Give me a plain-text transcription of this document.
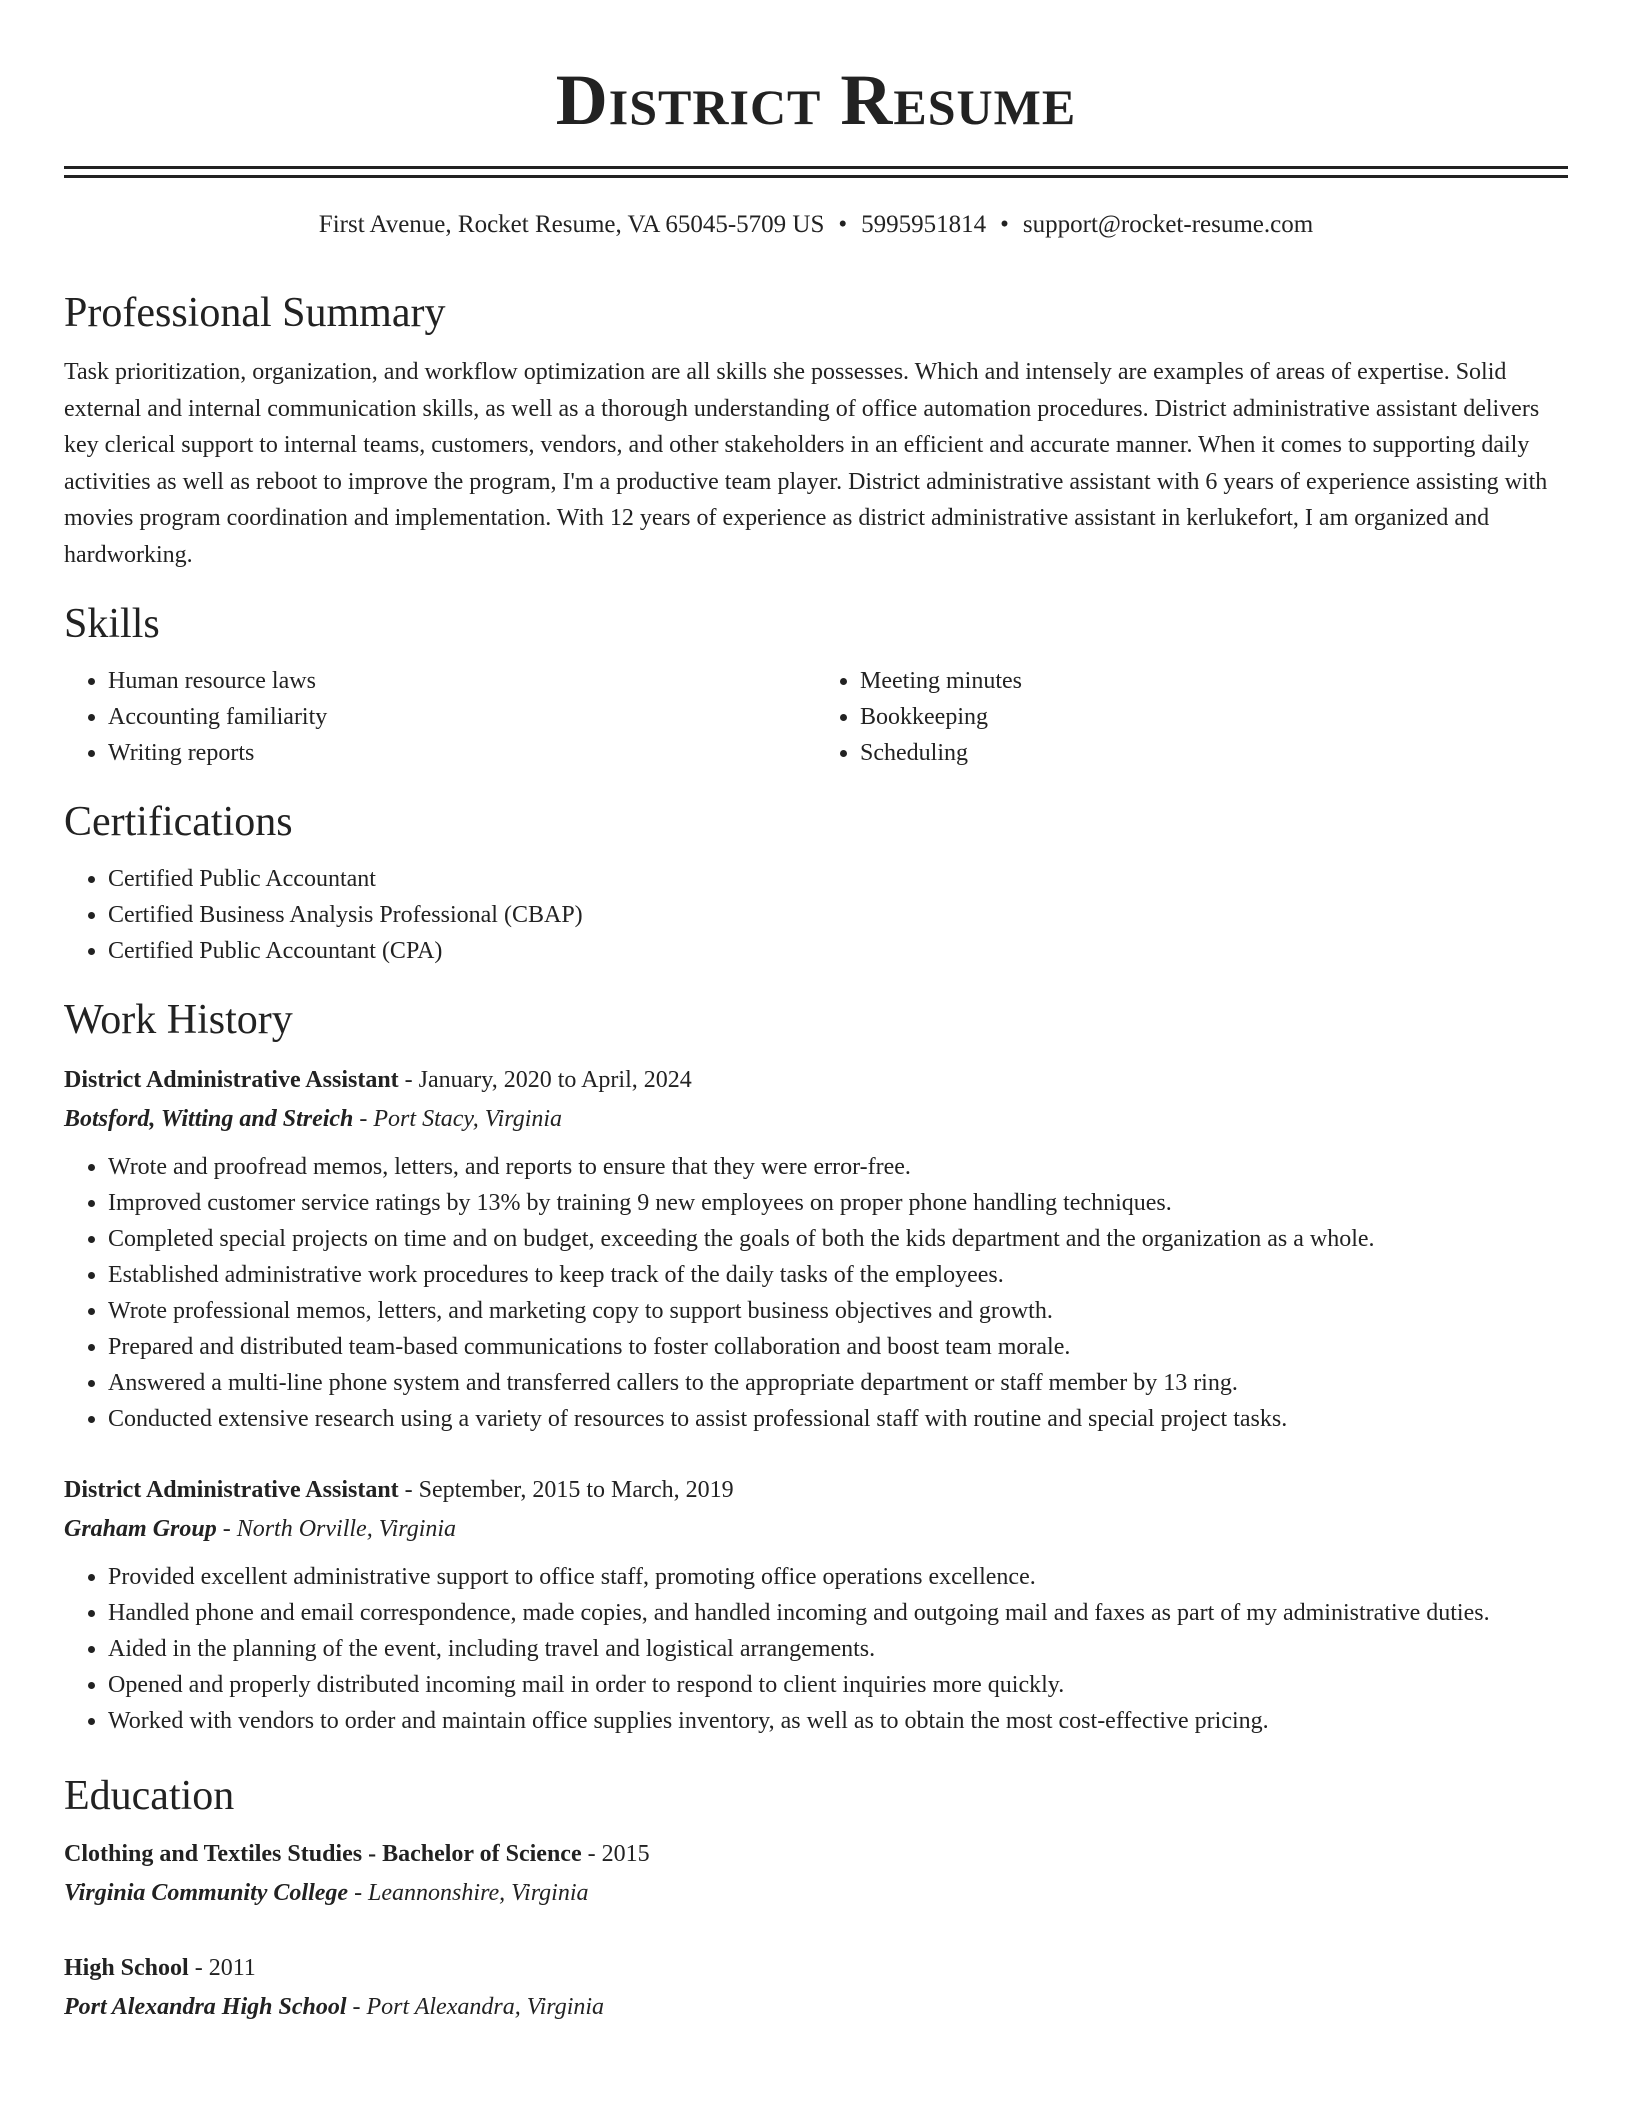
District Resume
First Avenue, Rocket Resume, VA 65045-5709 US • 5995951814 • support@rocket-resume.com
Professional Summary

Task prioritization, organization, and workflow optimization are all skills she possesses. Which and intensely are examples of areas of expertise. Solid external and internal communication skills, as well as a thorough understanding of office automation procedures. District administrative assistant delivers key clerical support to internal teams, customers, vendors, and other stakeholders in an efficient and accurate manner. When it comes to supporting daily activities as well as reboot to improve the program, I'm a productive team player. District administrative assistant with 6 years of experience assisting with movies program coordination and implementation. With 12 years of experience as district administrative assistant in kerlukefort, I am organized and hardworking.

Skills
• Human resource laws
• Accounting familiarity
• Writing reports
• Meeting minutes
• Bookkeeping
• Scheduling
Certifications
• Certified Public Accountant
• Certified Business Analysis Professional (CBAP)
• Certified Public Accountant (CPA)
Work History
District Administrative Assistant - January, 2020 to April, 2024
Botsford, Witting and Streich - Port Stacy, Virginia
• Wrote and proofread memos, letters, and reports to ensure that they were error-free.
• Improved customer service ratings by 13% by training 9 new employees on proper phone handling techniques.
• Completed special projects on time and on budget, exceeding the goals of both the kids department and the organization as a whole.
• Established administrative work procedures to keep track of the daily tasks of the employees.
• Wrote professional memos, letters, and marketing copy to support business objectives and growth.
• Prepared and distributed team-based communications to foster collaboration and boost team morale.
• Answered a multi-line phone system and transferred callers to the appropriate department or staff member by 13 ring.
• Conducted extensive research using a variety of resources to assist professional staff with routine and special project tasks.
District Administrative Assistant - September, 2015 to March, 2019
Graham Group - North Orville, Virginia
• Provided excellent administrative support to office staff, promoting office operations excellence.
• Handled phone and email correspondence, made copies, and handled incoming and outgoing mail and faxes as part of my administrative duties.
• Aided in the planning of the event, including travel and logistical arrangements.
• Opened and properly distributed incoming mail in order to respond to client inquiries more quickly.
• Worked with vendors to order and maintain office supplies inventory, as well as to obtain the most cost-effective pricing.
Education
Clothing and Textiles Studies - Bachelor of Science - 2015
Virginia Community College - Leannonshire, Virginia
High School - 2011
Port Alexandra High School - Port Alexandra, Virginia
